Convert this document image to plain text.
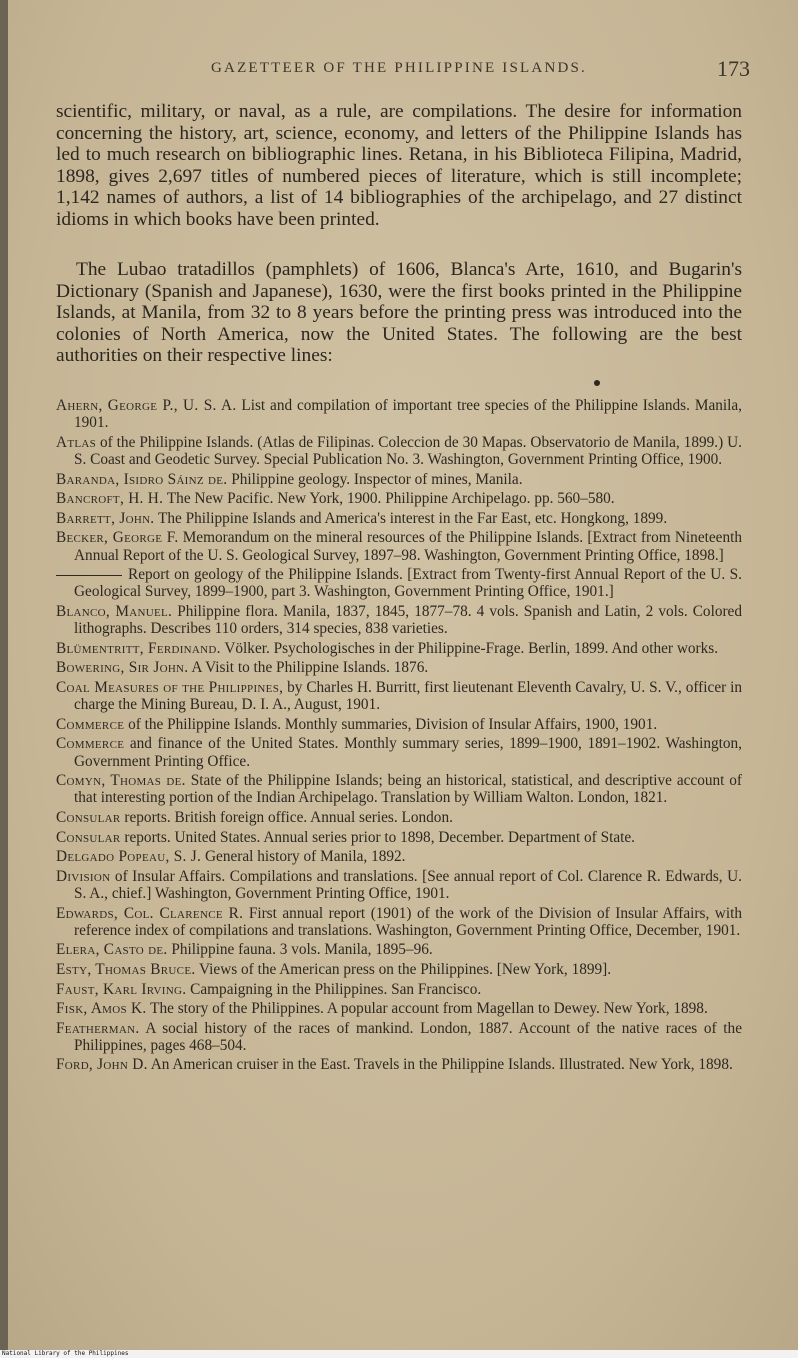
GAZETTEER OF THE PHILIPPINE ISLANDS.	173

scientific, military, or naval, as a rule, are compilations. The desire for information concerning the history, art, science, economy, and letters of the Philippine Islands has led to much research on bibliographic lines. Retana, in his Biblioteca Filipina, Madrid, 1898, gives 2,697 titles of numbered pieces of literature, which is still incomplete; 1,142 names of authors, a list of 14 bibliographies of the archipelago, and 27 distinct idioms in which books have been printed.

The Lubao tratadillos (pamphlets) of 1606, Blanca's Arte, 1610, and Bugarin's Dictionary (Spanish and Japanese), 1630, were the first books printed in the Philippine Islands, at Manila, from 32 to 8 years before the printing press was introduced into the colonies of North America, now the United States. The following are the best authorities on their respective lines:

Ahern, George P., U. S. A. List and compilation of important tree species of the Philippine Islands. Manila, 1901.

Atlas of the Philippine Islands. (Atlas de Filipinas. Coleccion de 30 Mapas. Observatorio de Manila, 1899.) U. S. Coast and Geodetic Survey. Special Publication No. 3. Washington, Government Printing Office, 1900.

Baranda, Isidro Sáinz de. Philippine geology. Inspector of mines, Manila.

Bancroft, H. H. The New Pacific. New York, 1900. Philippine Archipelago. pp. 560–580.

Barrett, John. The Philippine Islands and America's interest in the Far East, etc. Hongkong, 1899.

Becker, George F. Memorandum on the mineral resources of the Philippine Islands. [Extract from Nineteenth Annual Report of the U. S. Geological Survey, 1897–98. Washington, Government Printing Office, 1898.]

Report on geology of the Philippine Islands. [Extract from Twenty-first Annual Report of the U. S. Geological Survey, 1899–1900, part 3. Washington, Government Printing Office, 1901.]

Blanco, Manuel. Philippine flora. Manila, 1837, 1845, 1877–78. 4 vols. Spanish and Latin, 2 vols. Colored lithographs. Describes 110 orders, 314 species, 838 varieties.

Blümentritt, Ferdinand. Völker. Psychologisches in der Philippine-Frage. Berlin, 1899. And other works.

Bowering, Sir John. A Visit to the Philippine Islands. 1876.

Coal Measures of the Philippines, by Charles H. Burritt, first lieutenant Eleventh Cavalry, U. S. V., officer in charge the Mining Bureau, D. I. A., August, 1901.

Commerce of the Philippine Islands. Monthly summaries, Division of Insular Affairs, 1900, 1901.

Commerce and finance of the United States. Monthly summary series, 1899–1900, 1891–1902. Washington, Government Printing Office.

Comyn, Thomas de. State of the Philippine Islands; being an historical, statistical, and descriptive account of that interesting portion of the Indian Archipelago. Translation by William Walton. London, 1821.

Consular reports. British foreign office. Annual series. London.

Consular reports. United States. Annual series prior to 1898, December. Department of State.

Delgado Popeau, S. J. General history of Manila, 1892.

Division of Insular Affairs. Compilations and translations. [See annual report of Col. Clarence R. Edwards, U. S. A., chief.] Washington, Government Printing Office, 1901.

Edwards, Col. Clarence R. First annual report (1901) of the work of the Division of Insular Affairs, with reference index of compilations and translations. Washington, Government Printing Office, December, 1901.

Elera, Casto de. Philippine fauna. 3 vols. Manila, 1895–96.

Esty, Thomas Bruce. Views of the American press on the Philippines. [New York, 1899].

Faust, Karl Irving. Campaigning in the Philippines. San Francisco.

Fisk, Amos K. The story of the Philippines. A popular account from Magellan to Dewey. New York, 1898.

Featherman. A social history of the races of mankind. London, 1887. Account of the native races of the Philippines, pages 468–504.

Ford, John D. An American cruiser in the East. Travels in the Philippine Islands. Illustrated. New York, 1898.

National Library of the Philippines
